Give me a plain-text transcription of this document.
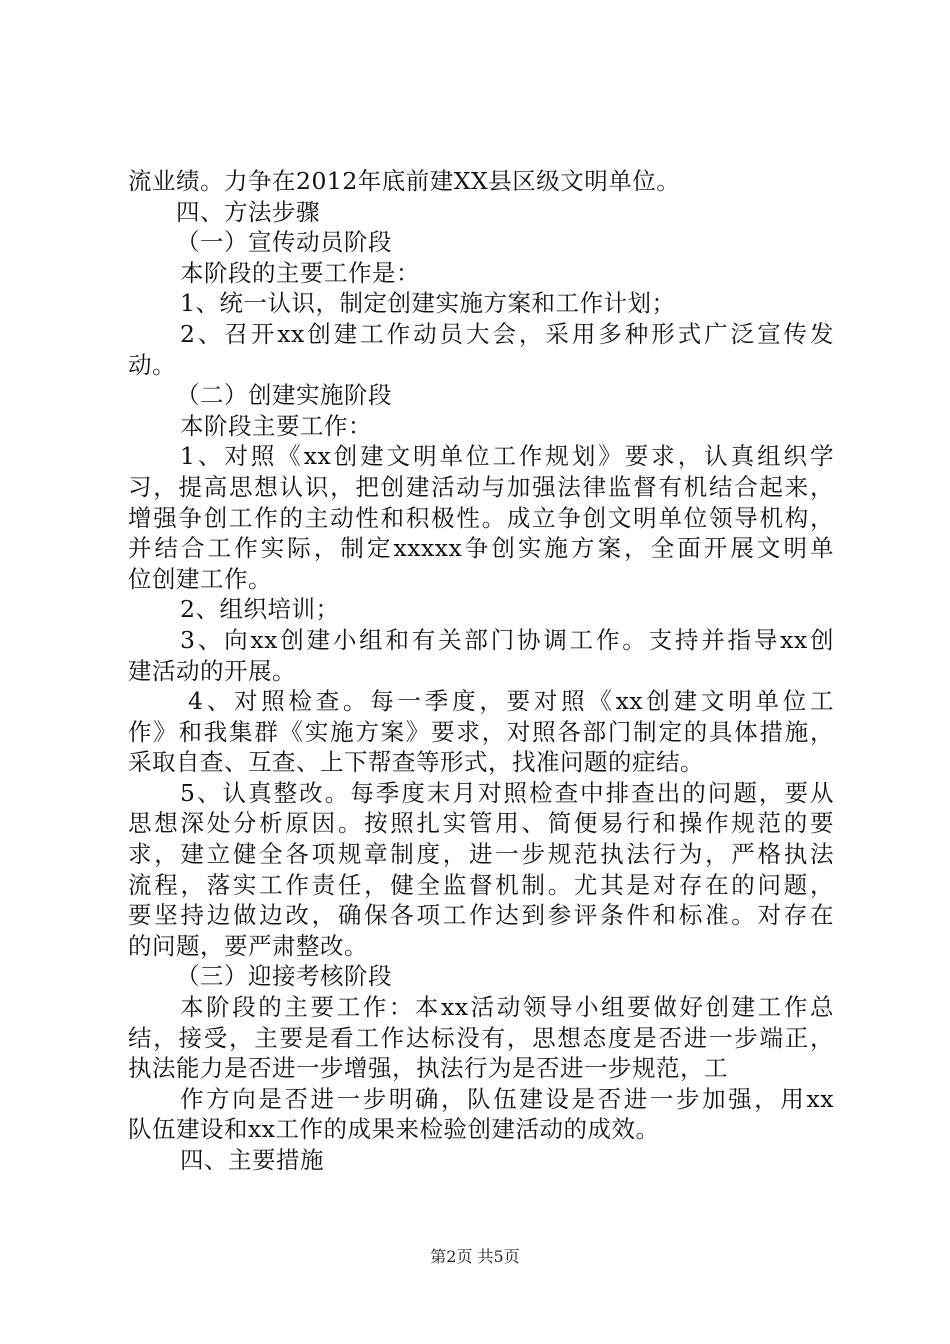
流业绩。力争在2012年底前建XX县区级文明单位。
四、方法步骤
（一）宣传动员阶段
本阶段的主要工作是：
1、统一认识，制定创建实施方案和工作计划；
2、召开xx创建工作动员大会，采用多种形式广泛宣传发
动。
（二）创建实施阶段
本阶段主要工作：
1、对照《xx创建文明单位工作规划》要求，认真组织学
习，提高思想认识，把创建活动与加强法律监督有机结合起来，
增强争创工作的主动性和积极性。成立争创文明单位领导机构，
并结合工作实际，制定xxxxx争创实施方案，全面开展文明单
位创建工作。
2、组织培训；
3、向xx创建小组和有关部门协调工作。支持并指导xx创
建活动的开展。
4、对照检查。每一季度，要对照《xx创建文明单位工
作》和我集群《实施方案》要求，对照各部门制定的具体措施，
采取自查、互查、上下帮查等形式，找准问题的症结。
5、认真整改。每季度末月对照检查中排查出的问题，要从
思想深处分析原因。按照扎实管用、简便易行和操作规范的要
求，建立健全各项规章制度，进一步规范执法行为，严格执法
流程，落实工作责任，健全监督机制。尤其是对存在的问题，
要坚持边做边改，确保各项工作达到参评条件和标准。对存在
的问题，要严肃整改。
（三）迎接考核阶段
本阶段的主要工作：本xx活动领导小组要做好创建工作总
结，接受，主要是看工作达标没有，思想态度是否进一步端正，
执法能力是否进一步增强，执法行为是否进一步规范，工
作方向是否进一步明确，队伍建设是否进一步加强，用xx
队伍建设和xx工作的成果来检验创建活动的成效。
四、主要措施
第2页 共5页
